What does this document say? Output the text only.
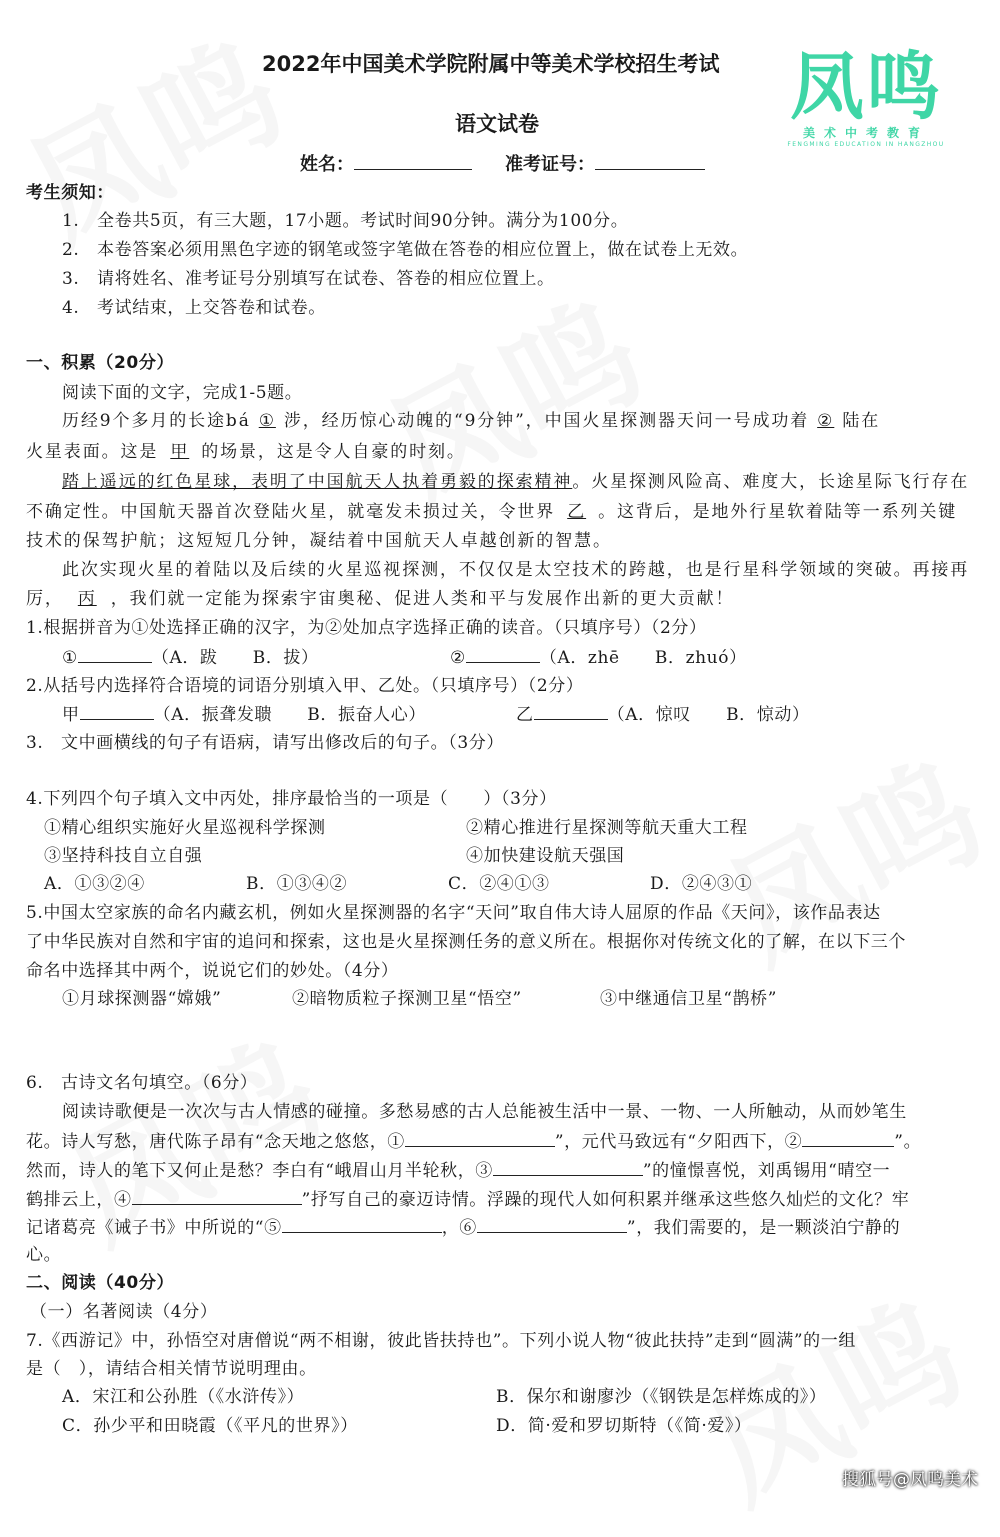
凤鸣
美术中考教育
FENGMING EDUCATION IN HANGZHOU
2022年中国美术学院附属中等美术学校招生考试
语文试卷
姓名：	准考证号：
考生须知：
1.　全卷共5页，有三大题，17小题。考试时间90分钟。满分为100分。
2.　本卷答案必须用黑色字迹的钢笔或签字笔做在答卷的相应位置上，做在试卷上无效。
3.　请将姓名、准考证号分别填写在试卷、答卷的相应位置上。
4.　考试结束，上交答卷和试卷。
一、积累（20分）
阅读下面的文字，完成1-5题。
历经9个多月的长途bá ① 涉，经历惊心动魄的“9分钟”，中国火星探测器天问一号成功着 ② 陆在
火星表面。这是 甲 的场景，这是令人自豪的时刻。
踏上遥远的红色星球，表明了中国航天人执着勇毅的探索精神。火星探测风险高、难度大，长途星际飞行存在
不确定性。中国航天器首次登陆火星，就毫发未损过关，令世界 乙 。这背后，是地外行星软着陆等一系列关键
技术的保驾护航；这短短几分钟，凝结着中国航天人卓越创新的智慧。
此次实现火星的着陆以及后续的火星巡视探测，不仅仅是太空技术的跨越，也是行星科学领域的突破。再接再
厉， 丙 ，我们就一定能为探索宇宙奥秘、促进人类和平与发展作出新的更大贡献！
1.根据拼音为①处选择正确的汉字，为②处加点字选择正确的读音。（只填序号）（2分）
①	（A．跋　　B．拔）	②	（A．zhē　　B．zhuó）
2.从括号内选择符合语境的词语分别填入甲、乙处。（只填序号）（2分）
甲	（A．振聋发聩　　B．振奋人心）	乙	（A．惊叹　　B．惊动）
3.　文中画横线的句子有语病，请写出修改后的句子。（3分）
4.下列四个句子填入文中丙处，排序最恰当的一项是（　　）（3分）
①精心组织实施好火星巡视科学探测	②精心推进行星探测等航天重大工程
③坚持科技自立自强	④加快建设航天强国
A．①③②④	B．①③④②	C．②④①③	D．②④③①
5.中国太空家族的命名内藏玄机，例如火星探测器的名字“天问”取自伟大诗人屈原的作品《天问》，该作品表达
了中华民族对自然和宇宙的追问和探索，这也是火星探测任务的意义所在。根据你对传统文化的了解，在以下三个
命名中选择其中两个，说说它们的妙处。（4分）
①月球探测器“嫦娥”	②暗物质粒子探测卫星“悟空”	③中继通信卫星“鹊桥”
6.　古诗文名句填空。（6分）
阅读诗歌便是一次次与古人情感的碰撞。多愁易感的古人总能被生活中一景、一物、一人所触动，从而妙笔生
花。诗人写愁，唐代陈子昂有“念天地之悠悠，①	”，元代马致远有“夕阳西下，②	”。
然而，诗人的笔下又何止是愁？李白有“峨眉山月半轮秋，③	”的憧憬喜悦，刘禹锡用“晴空一
鹤排云上，④	”抒写自己的豪迈诗情。浮躁的现代人如何积累并继承这些悠久灿烂的文化？牢
记诸葛亮《诫子书》中所说的“⑤	，⑥	”，我们需要的，是一颗淡泊宁静的
心。
二、阅读（40分）
（一）名著阅读（4分）
7.《西游记》中，孙悟空对唐僧说“两不相谢，彼此皆扶持也”。下列小说人物“彼此扶持”走到“圆满”的一组
是（　），请结合相关情节说明理由。
A．宋江和公孙胜（《水浒传》）	B．保尔和谢廖沙（《钢铁是怎样炼成的》）
C．孙少平和田晓霞（《平凡的世界》）	D．简·爱和罗切斯特（《简·爱》）
搜狐号@凤鸣美术
